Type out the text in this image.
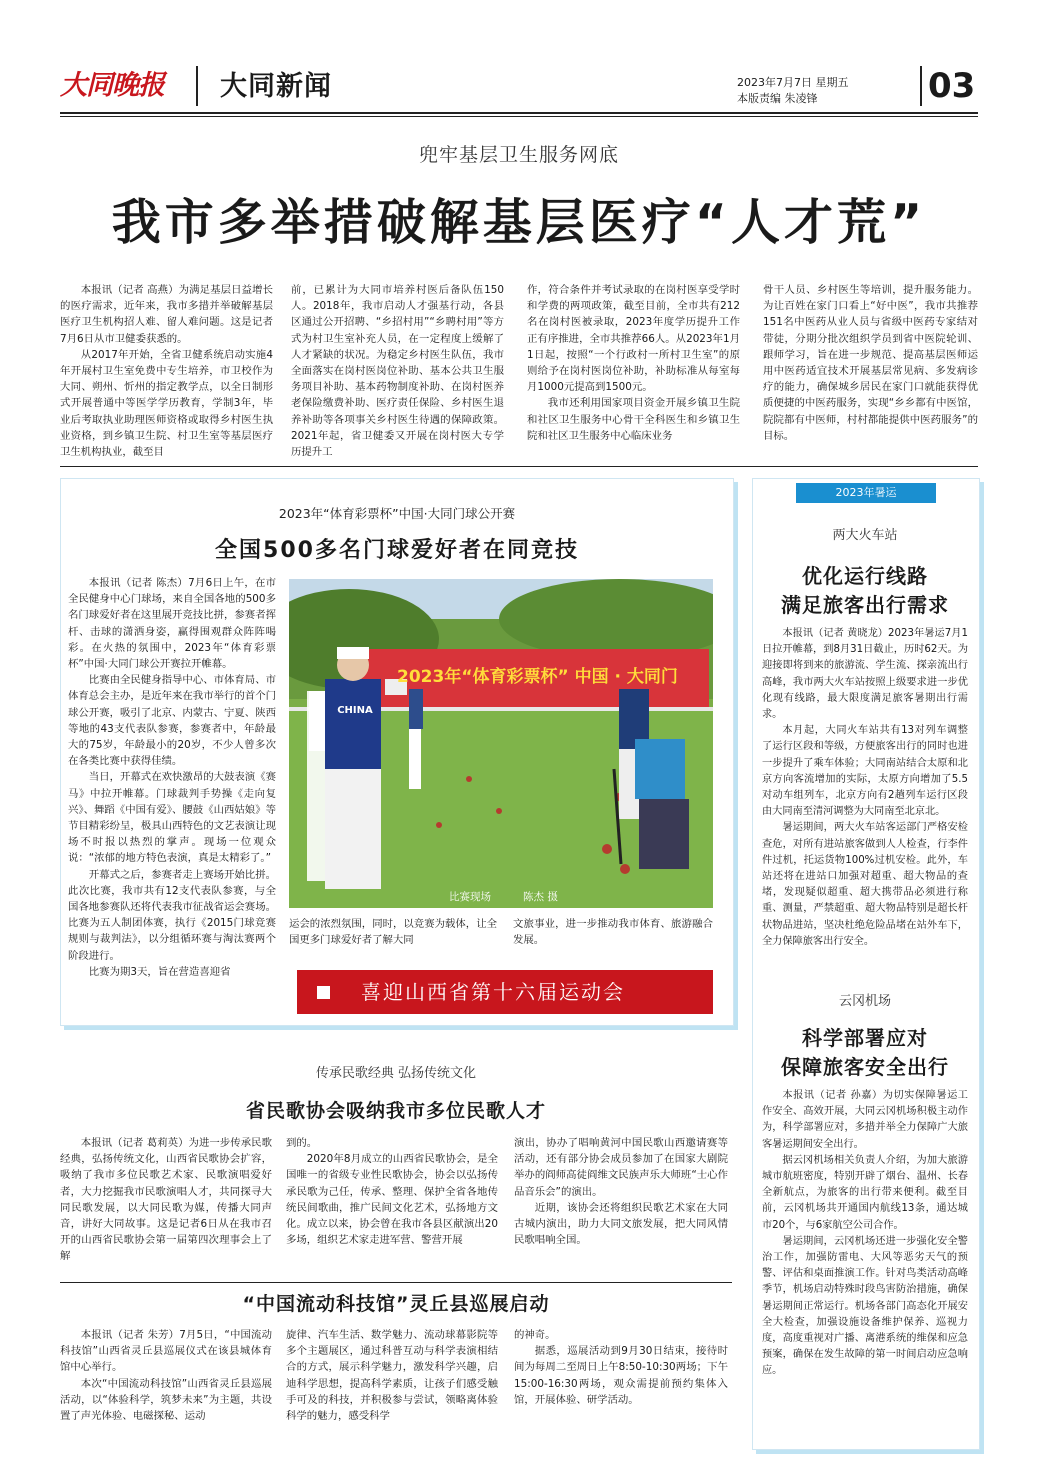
大同晚报	大同新闻	2023年7月7日 星期五
本版责编 朱凌锋	03
兜牢基层卫生服务网底
我市多举措破解基层医疗“人才荒”

本报讯（记者 高燕）为满足基层日益增长的医疗需求，近年来，我市多措并举破解基层医疗卫生机构招人难、留人难问题。这是记者7月6日从市卫健委获悉的。

从2017年开始，全省卫健系统启动实施4年开展村卫生室免费中专生培养，市卫校作为大同、朔州、忻州的指定教学点，以全日制形式开展普通中等医学学历教育，学制3年，毕业后考取执业助理医师资格或取得乡村医生执业资格，到乡镇卫生院、村卫生室等基层医疗卫生机构执业，截至目

前，已累计为大同市培养村医后备队伍150人。2018年，我市启动人才强基行动，各县区通过公开招聘、“乡招村用”“乡聘村用”等方式为村卫生室补充人员，在一定程度上缓解了人才紧缺的状况。为稳定乡村医生队伍，我市全面落实在岗村医岗位补助、基本公共卫生服务项目补助、基本药物制度补助、在岗村医养老保险缴费补助、医疗责任保险、乡村医生退养补助等各项事关乡村医生待遇的保障政策。2021年起，省卫健委又开展在岗村医大专学历提升工

作，符合条件并考试录取的在岗村医享受学时和学费的两项政策，截至目前，全市共有212名在岗村医被录取，2023年度学历提升工作正有序推进，全市共推荐66人。从2023年1月1日起，按照“一个行政村一所村卫生室”的原则给予在岗村医岗位补助，补助标准从每室每月1000元提高到1500元。

我市还利用国家项目资金开展乡镇卫生院和社区卫生服务中心骨干全科医生和乡镇卫生院和社区卫生服务中心临床业务

骨干人员、乡村医生等培训，提升服务能力。为让百姓在家门口看上“好中医”，我市共推荐151名中医药从业人员与省级中医药专家结对带徒，分期分批次组织学员到省中医院轮训、跟师学习，旨在进一步规范、提高基层医师运用中医药适宜技术开展基层常见病、多发病诊疗的能力，确保城乡居民在家门口就能获得优质便捷的中医药服务，实现“乡乡都有中医馆，院院都有中医师，村村都能提供中医药服务”的目标。

2023年“体育彩票杯”中国·大同门球公开赛
全国500多名门球爱好者在同竞技

本报讯（记者 陈杰）7月6日上午，在市全民健身中心门球场，来自全国各地的500多名门球爱好者在这里展开竞技比拼，参赛者挥杆、击球的潇洒身姿，赢得围观群众阵阵喝彩。在火热的氛围中，2023年“体育彩票杯”中国·大同门球公开赛拉开帷幕。

比赛由全民健身指导中心、市体育局、市体育总会主办，是近年来在我市举行的首个门球公开赛，吸引了北京、内蒙古、宁夏、陕西等地的43支代表队参赛，参赛者中，年龄最大的75岁，年龄最小的20岁，不少人曾多次在各类比赛中获得佳绩。

当日，开幕式在欢快激昂的大鼓表演《赛马》中拉开帷幕。门球裁判手势操《走向复兴》、舞蹈《中国有爱》、腰鼓《山西姑娘》等节目精彩纷呈，极具山西特色的文艺表演让现场不时报以热烈的掌声。现场一位观众说：“浓郁的地方特色表演，真是太精彩了。”

开幕式之后，参赛者走上赛场开始比拼。此次比赛，我市共有12支代表队参赛，与全国各地参赛队还将代表我市征战省运会赛场。比赛为五人制团体赛，执行《2015门球竞赛规则与裁判法》，以分组循环赛与淘汰赛两个阶段进行。

比赛为期3天，旨在营造喜迎省

2023年“体育彩票杯” 中国 · 大同门
CHINA
比赛现场	陈杰 摄

运会的浓烈氛围，同时，以竞赛为载体，让全国更多门球爱好者了解大同

文旅事业，进一步推动我市体育、旅游融合发展。

喜迎山西省第十六届运动会
2023年暑运
两大火车站
优化运行线路
满足旅客出行需求

本报讯（记者 黄晓龙）2023年暑运7月1日拉开帷幕，到8月31日截止，历时62天。为迎接即将到来的旅游流、学生流、探亲流出行高峰，我市两大火车站按照上级要求进一步优化现有线路，最大限度满足旅客暑期出行需求。

本月起，大同火车站共有13对列车调整了运行区段和等级，方便旅客出行的同时也进一步提升了乘车体验；大同南站结合太原和北京方向客流增加的实际，太原方向增加了5.5对动车组列车，北京方向有2趟列车运行区段由大同南至清河调整为大同南至北京北。

暑运期间，两大火车站客运部门严格安检查危，对所有进站旅客做到人人检查，行李件件过机，托运货物100%过机安检。此外，车站还将在进站口加强对超重、超大物品的查堵，发现疑似超重、超大携带品必须进行称重、测量，严禁超重、超大物品特别是超长杆状物品进站，坚决杜绝危险品堵在站外车下，全力保障旅客出行安全。

云冈机场
科学部署应对
保障旅客安全出行

本报讯（记者 孙嘉）为切实保障暑运工作安全、高效开展，大同云冈机场积极主动作为，科学部署应对，多措并举全力保障广大旅客暑运期间安全出行。

据云冈机场相关负责人介绍，为加大旅游城市航班密度，特别开辟了烟台、温州、长春全新航点，为旅客的出行带来便利。截至目前，云冈机场共开通国内航线13条，通达城市20个，与6家航空公司合作。

暑运期间，云冈机场还进一步强化安全警治工作，加强防雷电、大风等恶劣天气的预警、评估和桌面推演工作。针对鸟类活动高峰季节，机场启动特殊时段鸟害防治措施，确保暑运期间正常运行。机场各部门高态化开展安全大检查，加强设施设备维护保养、巡视力度，高度重视对广播、离港系统的维保和应急预案，确保在发生故障的第一时间启动应急响应。

传承民歌经典 弘扬传统文化
省民歌协会吸纳我市多位民歌人才

本报讯（记者 葛莉英）为进一步传承民歌经典，弘扬传统文化，山西省民歌协会扩容，吸纳了我市多位民歌艺术家、民歌演唱爱好者，大力挖掘我市民歌演唱人才，共同探寻大同民歌发展，以大同民歌为媒，传播大同声音，讲好大同故事。这是记者6日从在我市召开的山西省民歌协会第一届第四次理事会上了解

到的。

2020年8月成立的山西省民歌协会，是全国唯一的省级专业性民歌协会，协会以弘扬传承民歌为己任，传承、整理、保护全省各地传统民间歌曲，推广民间文化艺术，弘扬地方文化。成立以来，协会曾在我市各县区献演出20多场，组织艺术家走进军营、警营开展

演出，协办了唱响黄河中国民歌山西邀请赛等活动，还有部分协会成员参加了在国家大剧院举办的阎师高徒阎维文民族声乐大师班“士心作品音乐会”的演出。

近期，该协会还将组织民歌艺术家在大同古城内演出，助力大同文旅发展，把大同风情民歌唱响全国。

“中国流动科技馆”灵丘县巡展启动

本报讯（记者 朱芳）7月5日，“中国流动科技馆”山西省灵丘县巡展仪式在该县城体育馆中心举行。

本次“中国流动科技馆”山西省灵丘县巡展活动，以“体验科学，筑梦未来”为主题，共设置了声光体验、电磁探秘、运动

旋律、汽车生活、数学魅力、流动球幕影院等多个主题展区，通过科普互动与科学表演相结合的方式，展示科学魅力，激发科学兴趣，启迪科学思想，提高科学素质，让孩子们感受触手可及的科技，并积极参与尝试，领略离体验科学的魅力，感受科学

的神奇。

据悉，巡展活动到9月30日结束，接待时间为每周二至周日上午8:50-10:30两场；下午15:00-16:30两场，观众需提前预约集体入馆，开展体验、研学活动。
